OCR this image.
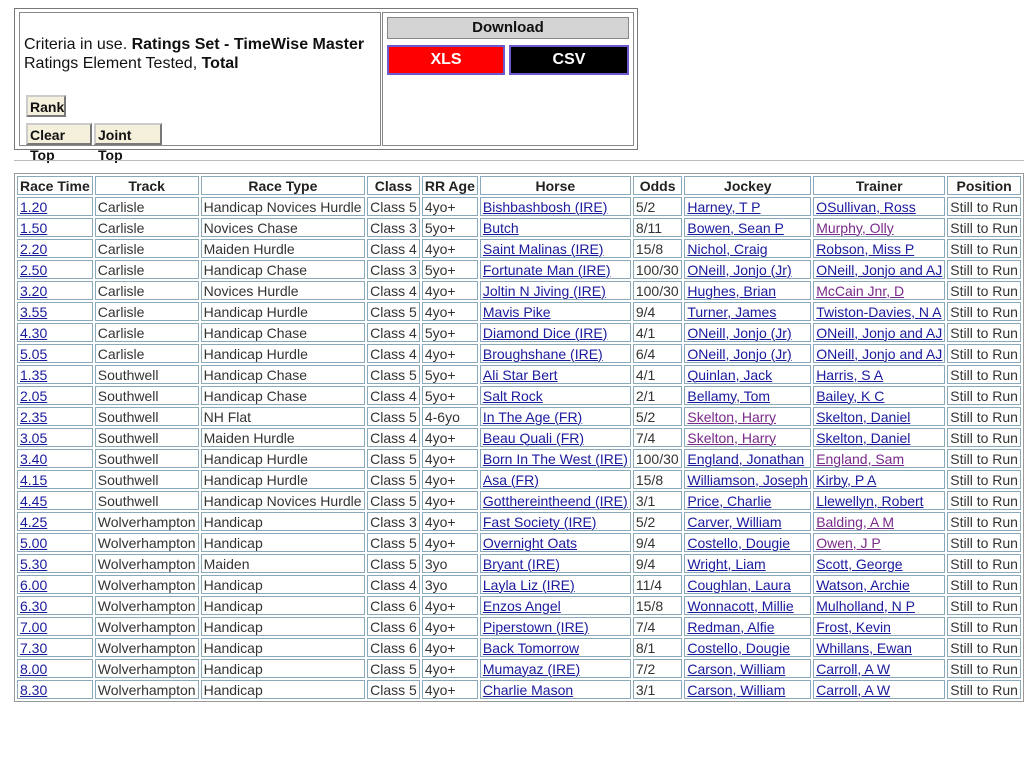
Criteria in use. Ratings Set - TimeWise Master
Ratings Element Tested, Total
Rank
Clear Top
Joint Top
Download
XLS	CSV
Race Time	Track	Race Type	Class	RR Age	Horse	Odds	Jockey	Trainer	Position
1.20	Carlisle	Handicap Novices Hurdle	Class 5	4yo+	Bishbashbosh (IRE)	5/2	Harney, T P	OSullivan, Ross	Still to Run
1.50	Carlisle	Novices Chase	Class 3	5yo+	Butch	8/11	Bowen, Sean P	Murphy, Olly	Still to Run
2.20	Carlisle	Maiden Hurdle	Class 4	4yo+	Saint Malinas (IRE)	15/8	Nichol, Craig	Robson, Miss P	Still to Run
2.50	Carlisle	Handicap Chase	Class 3	5yo+	Fortunate Man (IRE)	100/30	ONeill, Jonjo (Jr)	ONeill, Jonjo and AJ	Still to Run
3.20	Carlisle	Novices Hurdle	Class 4	4yo+	Joltin N Jiving (IRE)	100/30	Hughes, Brian	McCain Jnr, D	Still to Run
3.55	Carlisle	Handicap Hurdle	Class 5	4yo+	Mavis Pike	9/4	Turner, James	Twiston-Davies, N A	Still to Run
4.30	Carlisle	Handicap Chase	Class 4	5yo+	Diamond Dice (IRE)	4/1	ONeill, Jonjo (Jr)	ONeill, Jonjo and AJ	Still to Run
5.05	Carlisle	Handicap Hurdle	Class 4	4yo+	Broughshane (IRE)	6/4	ONeill, Jonjo (Jr)	ONeill, Jonjo and AJ	Still to Run
1.35	Southwell	Handicap Chase	Class 5	5yo+	Ali Star Bert	4/1	Quinlan, Jack	Harris, S A	Still to Run
2.05	Southwell	Handicap Chase	Class 4	5yo+	Salt Rock	2/1	Bellamy, Tom	Bailey, K C	Still to Run
2.35	Southwell	NH Flat	Class 5	4-6yo	In The Age (FR)	5/2	Skelton, Harry	Skelton, Daniel	Still to Run
3.05	Southwell	Maiden Hurdle	Class 4	4yo+	Beau Quali (FR)	7/4	Skelton, Harry	Skelton, Daniel	Still to Run
3.40	Southwell	Handicap Hurdle	Class 5	4yo+	Born In The West (IRE)	100/30	England, Jonathan	England, Sam	Still to Run
4.15	Southwell	Handicap Hurdle	Class 5	4yo+	Asa (FR)	15/8	Williamson, Joseph	Kirby, P A	Still to Run
4.45	Southwell	Handicap Novices Hurdle	Class 5	4yo+	Gotthereintheend (IRE)	3/1	Price, Charlie	Llewellyn, Robert	Still to Run
4.25	Wolverhampton	Handicap	Class 3	4yo+	Fast Society (IRE)	5/2	Carver, William	Balding, A M	Still to Run
5.00	Wolverhampton	Handicap	Class 5	4yo+	Overnight Oats	9/4	Costello, Dougie	Owen, J P	Still to Run
5.30	Wolverhampton	Maiden	Class 5	3yo	Bryant (IRE)	9/4	Wright, Liam	Scott, George	Still to Run
6.00	Wolverhampton	Handicap	Class 4	3yo	Layla Liz (IRE)	11/4	Coughlan, Laura	Watson, Archie	Still to Run
6.30	Wolverhampton	Handicap	Class 6	4yo+	Enzos Angel	15/8	Wonnacott, Millie	Mulholland, N P	Still to Run
7.00	Wolverhampton	Handicap	Class 6	4yo+	Piperstown (IRE)	7/4	Redman, Alfie	Frost, Kevin	Still to Run
7.30	Wolverhampton	Handicap	Class 6	4yo+	Back Tomorrow	8/1	Costello, Dougie	Whillans, Ewan	Still to Run
8.00	Wolverhampton	Handicap	Class 5	4yo+	Mumayaz (IRE)	7/2	Carson, William	Carroll, A W	Still to Run
8.30	Wolverhampton	Handicap	Class 5	4yo+	Charlie Mason	3/1	Carson, William	Carroll, A W	Still to Run
